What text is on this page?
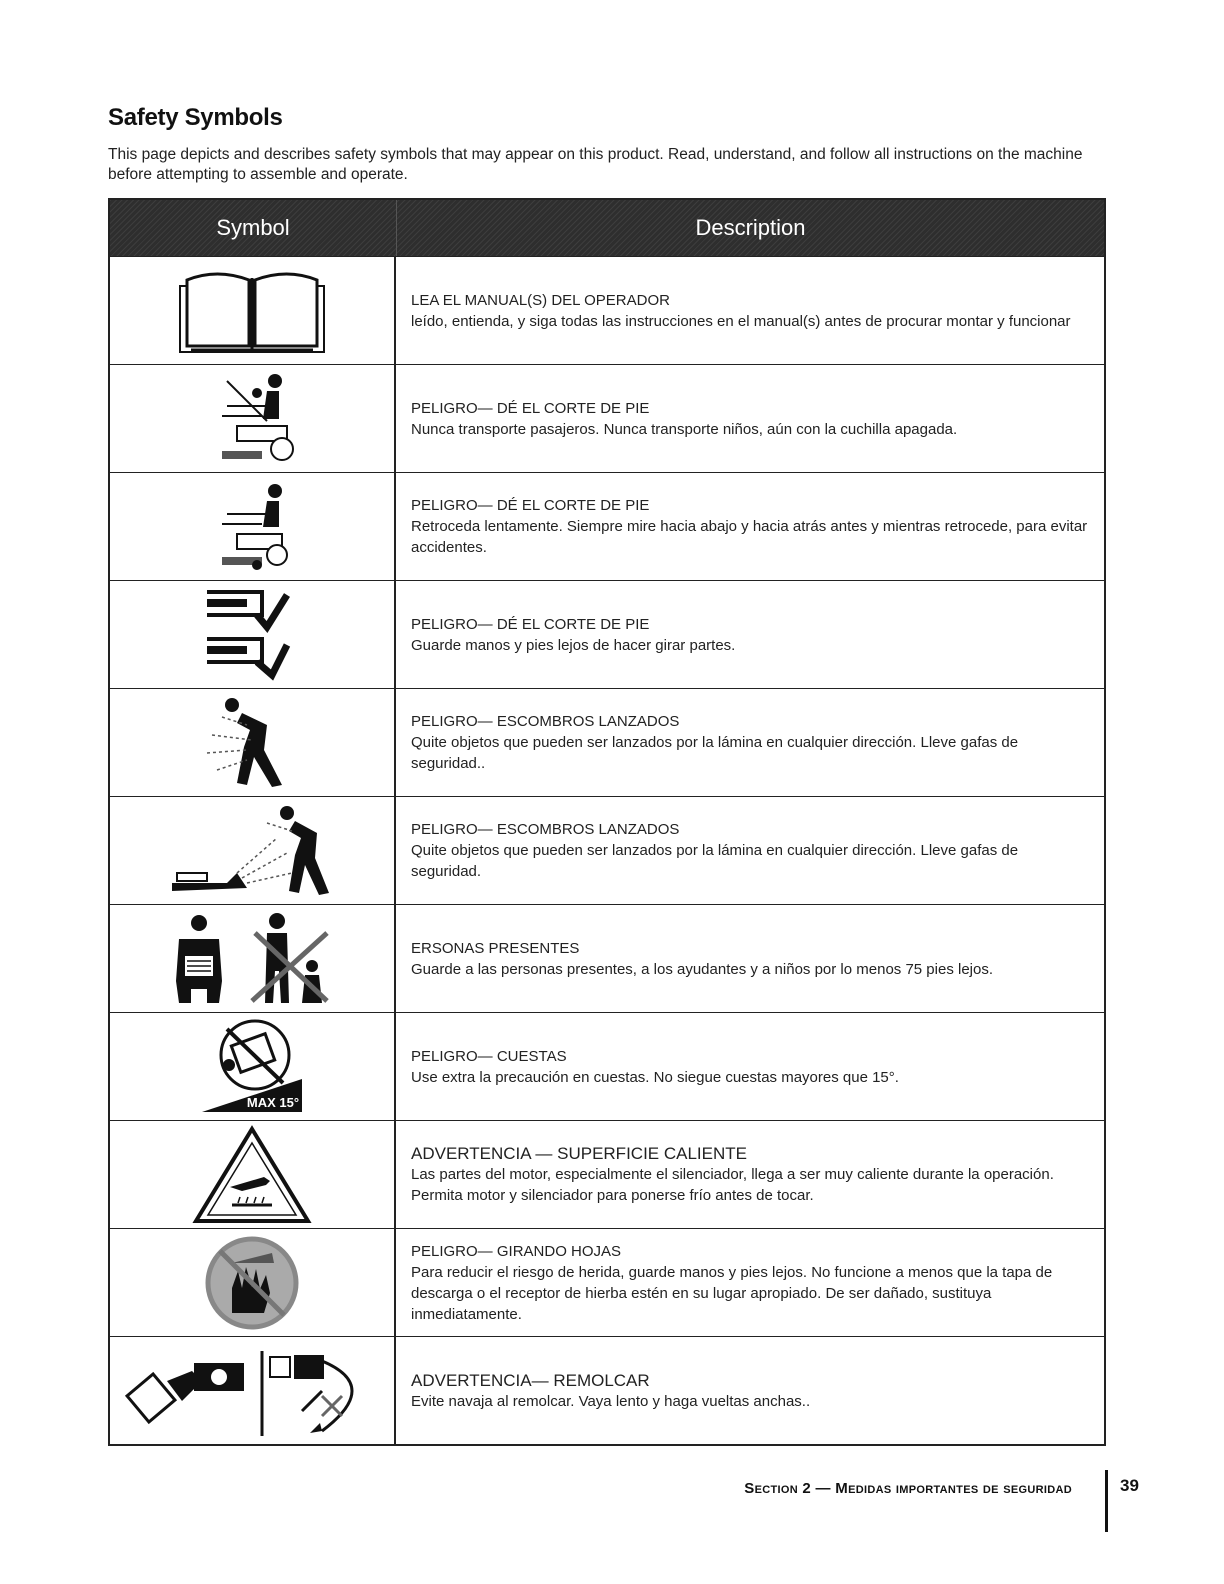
Safety Symbols
This page depicts and describes safety symbols that may appear on this product. Read, understand, and follow all instructions on the machine before attempting to assemble and operate.
Symbol	Description
LEA EL MANUAL(S) DEL OPERADOR
leído, entienda, y siga todas las instrucciones en el manual(s) antes de procurar montar y funcionar
PELIGRO— DÉ EL CORTE DE PIE
Nunca transporte pasajeros. Nunca transporte niños, aún con la cuchilla apagada.
PELIGRO— DÉ EL CORTE DE PIE
Retroceda lentamente. Siempre mire hacia abajo y hacia atrás antes y mientras retrocede, para evitar accidentes.
PELIGRO— DÉ EL CORTE DE PIE
Guarde manos y pies lejos de hacer girar partes.
PELIGRO— ESCOMBROS LANZADOS
Quite objetos que pueden ser lanzados por la lámina en cualquier dirección. Lleve gafas de seguridad..
PELIGRO— ESCOMBROS LANZADOS
Quite objetos que pueden ser lanzados por la lámina en cualquier dirección. Lleve gafas de seguridad.
ERSONAS PRESENTES
Guarde a las personas presentes, a los ayudantes y a niños por lo menos 75 pies lejos.
MAX 15°
PELIGRO— CUESTAS
Use extra la precaución en cuestas. No siegue cuestas mayores que 15°.
ADVERTENCIA — SUPERFICIE CALIENTE
Las partes del motor, especialmente el silenciador, llega a ser muy caliente durante la operación. Permita motor y silenciador para ponerse frío antes de tocar.
PELIGRO— GIRANDO HOJAS
Para reducir el riesgo de herida, guarde manos y pies lejos. No funcione a menos que la tapa de descarga o el receptor de hierba estén en su lugar apropiado. De ser dañado, sustituya inmediatamente.
ADVERTENCIA— REMOLCAR
Evite navaja al remolcar. Vaya lento y haga vueltas anchas..
Section 2 — Medidas importantes de seguridad	39
